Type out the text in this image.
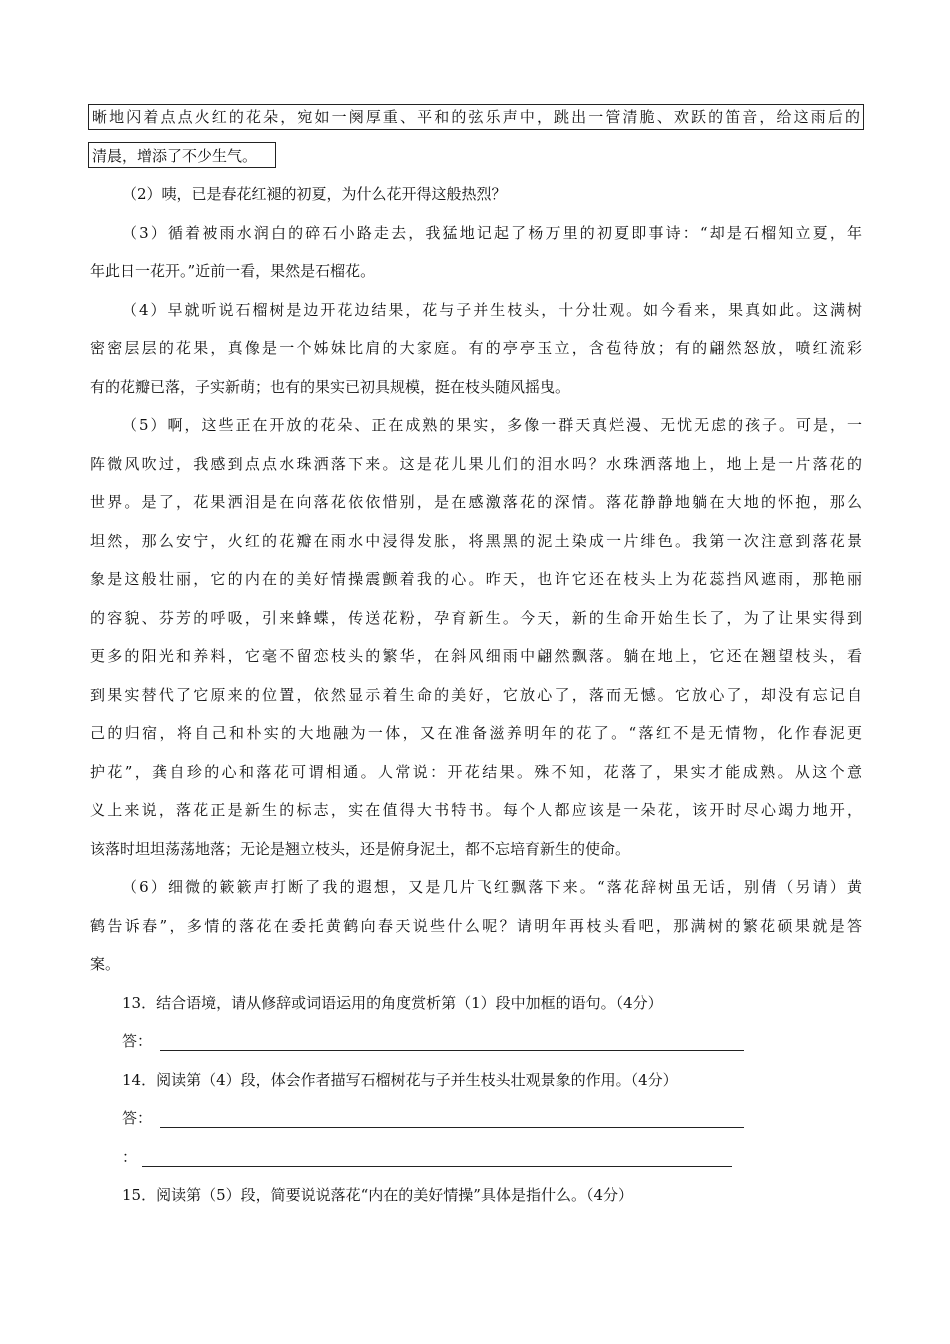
晰地闪着点点火红的花朵，宛如一阕厚重、平和的弦乐声中，跳出一管清脆、欢跃的笛音，给这雨后的
清晨，增添了不少生气。
（2）咦，已是春花红褪的初夏，为什么花开得这般热烈？
（3）循着被雨水润白的碎石小路走去，我猛地记起了杨万里的初夏即事诗：“却是石榴知立夏，年
年此日一花开。”近前一看，果然是石榴花。
（4）早就听说石榴树是边开花边结果，花与子并生枝头，十分壮观。如今看来，果真如此。这满树
密密层层的花果，真像是一个姊妹比肩的大家庭。有的亭亭玉立，含苞待放；有的翩然怒放，喷红流彩
有的花瓣已落，子实新萌；也有的果实已初具规模，挺在枝头随风摇曳。
（5）啊，这些正在开放的花朵、正在成熟的果实，多像一群天真烂漫、无忧无虑的孩子。可是，一
阵微风吹过，我感到点点水珠洒落下来。这是花儿果儿们的泪水吗？水珠洒落地上，地上是一片落花的
世界。是了，花果洒泪是在向落花依依惜别，是在感激落花的深情。落花静静地躺在大地的怀抱，那么
坦然，那么安宁，火红的花瓣在雨水中浸得发胀，将黑黑的泥土染成一片绯色。我第一次注意到落花景
象是这般壮丽，它的内在的美好情操震颤着我的心。昨天，也许它还在枝头上为花蕊挡风遮雨，那艳丽
的容貌、芬芳的呼吸，引来蜂蝶，传送花粉，孕育新生。今天，新的生命开始生长了，为了让果实得到
更多的阳光和养料，它毫不留恋枝头的繁华，在斜风细雨中翩然飘落。躺在地上，它还在翘望枝头，看
到果实替代了它原来的位置，依然显示着生命的美好，它放心了，落而无憾。它放心了，却没有忘记自
己的归宿，将自己和朴实的大地融为一体，又在准备滋养明年的花了。“落红不是无情物，化作春泥更
护花”，龚自珍的心和落花可谓相通。人常说：开花结果。殊不知，花落了，果实才能成熟。从这个意
义上来说，落花正是新生的标志，实在值得大书特书。每个人都应该是一朵花，该开时尽心竭力地开，
该落时坦坦荡荡地落；无论是翘立枝头，还是俯身泥土，都不忘培育新生的使命。
（6）细微的簌簌声打断了我的遐想，又是几片飞红飘落下来。“落花辞树虽无话，别倩（另请）黄
鹤告诉春”，多情的落花在委托黄鹤向春天说些什么呢？请明年再枝头看吧，那满树的繁花硕果就是答
案。
13．结合语境，请从修辞或词语运用的角度赏析第（1）段中加框的语句。（4分）
答：
14．阅读第（4）段，体会作者描写石榴树花与子并生枝头壮观景象的作用。（4分）
答：
：
15．阅读第（5）段，简要说说落花“内在的美好情操”具体是指什么。（4分）
